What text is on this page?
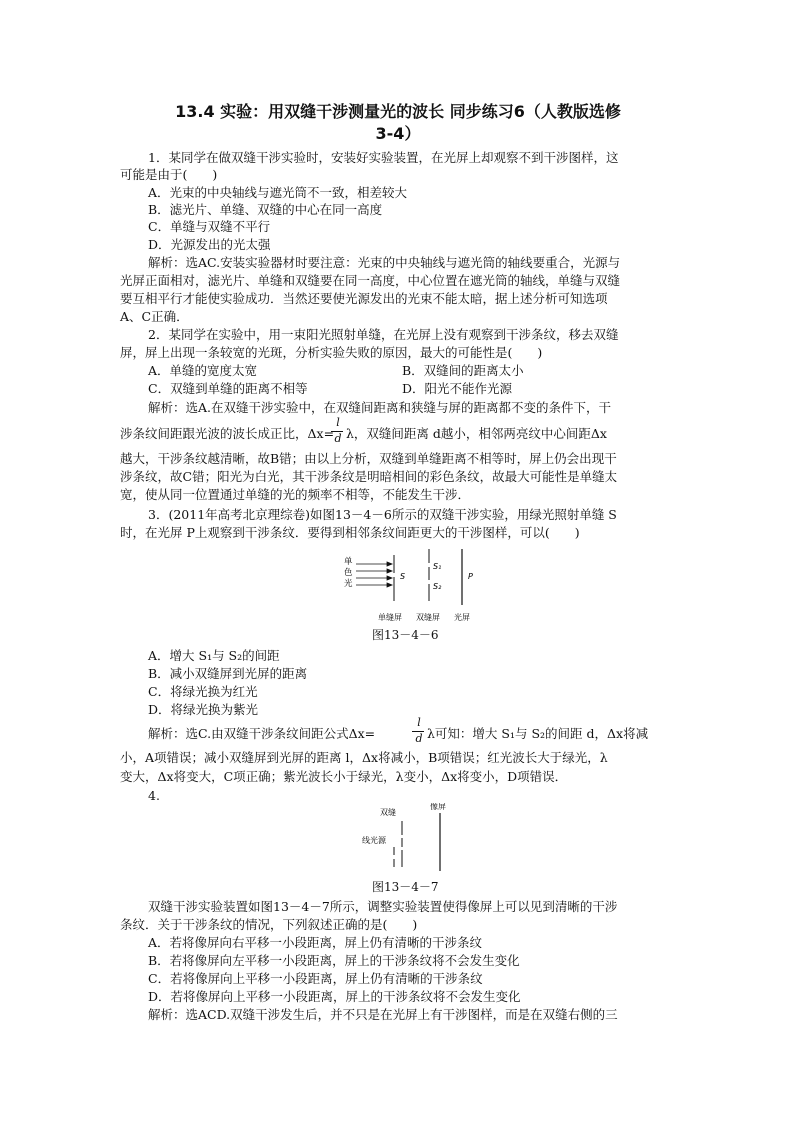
13.4 实验：用双缝干涉测量光的波长 同步练习6（人教版选修
3-4）
1．某同学在做双缝干涉实验时，安装好实验装置，在光屏上却观察不到干涉图样，这
可能是由于(　　)
A．光束的中央轴线与遮光筒不一致，相差较大
B．滤光片、单缝、双缝的中心在同一高度
C．单缝与双缝不平行
D．光源发出的光太强
解析：选AC.安装实验器材时要注意：光束的中央轴线与遮光筒的轴线要重合，光源与
光屏正面相对，滤光片、单缝和双缝要在同一高度，中心位置在遮光筒的轴线，单缝与双缝
要互相平行才能使实验成功．当然还要使光源发出的光束不能太暗，据上述分析可知选项
A、C正确．
2．某同学在实验中，用一束阳光照射单缝，在光屏上没有观察到干涉条纹，移去双缝
屏，屏上出现一条较宽的光斑，分析实验失败的原因，最大的可能性是(　　)
A．单缝的宽度太宽	B．双缝间的距离太小
C．双缝到单缝的距离不相等	D．阳光不能作光源
解析：选A.在双缝干涉实验中，在双缝间距离和狭缝与屏的距离都不变的条件下，干
涉条纹间距跟光波的波长成正比，Δx=
l
d λ，双缝间距离 d越小，相邻两亮纹中心间距Δx
越大，干涉条纹越清晰，故B错；由以上分析，双缝到单缝距离不相等时，屏上仍会出现干
涉条纹，故C错；阳光为白光，其干涉条纹是明暗相间的彩色条纹，故最大可能性是单缝太
宽，使从同一位置通过单缝的光的频率不相等，不能发生干涉．
3．(2011年高考北京理综卷)如图13－4－6所示的双缝干涉实验，用绿光照射单缝 S
时，在光屏 P上观察到干涉条纹．要得到相邻条纹间距更大的干涉图样，可以(　　)
单
色
光
S
S₁
S₂
P
单缝屏 双缝屏 光屏
图13－4－6
A．增大 S₁与 S₂的间距
B．减小双缝屏到光屏的距离
C．将绿光换为红光
D．将绿光换为紫光
解析：选C.由双缝干涉条纹间距公式Δx=
l
d λ可知：增大 S₁与 S₂的间距 d，Δx将减
小，A项错误；减小双缝屏到光屏的距离 l，Δx将减小，B项错误；红光波长大于绿光，λ
变大，Δx将变大，C项正确；紫光波长小于绿光，λ变小，Δx将变小，D项错误．
4.
双缝
像屏
线光源
图13－4－7
双缝干涉实验装置如图13－4－7所示，调整实验装置使得像屏上可以见到清晰的干涉
条纹．关于干涉条纹的情况，下列叙述正确的是(　　)
A．若将像屏向右平移一小段距离，屏上仍有清晰的干涉条纹
B．若将像屏向左平移一小段距离，屏上的干涉条纹将不会发生变化
C．若将像屏向上平移一小段距离，屏上仍有清晰的干涉条纹
D．若将像屏向上平移一小段距离，屏上的干涉条纹将不会发生变化
解析：选ACD.双缝干涉发生后，并不只是在光屏上有干涉图样，而是在双缝右侧的三
